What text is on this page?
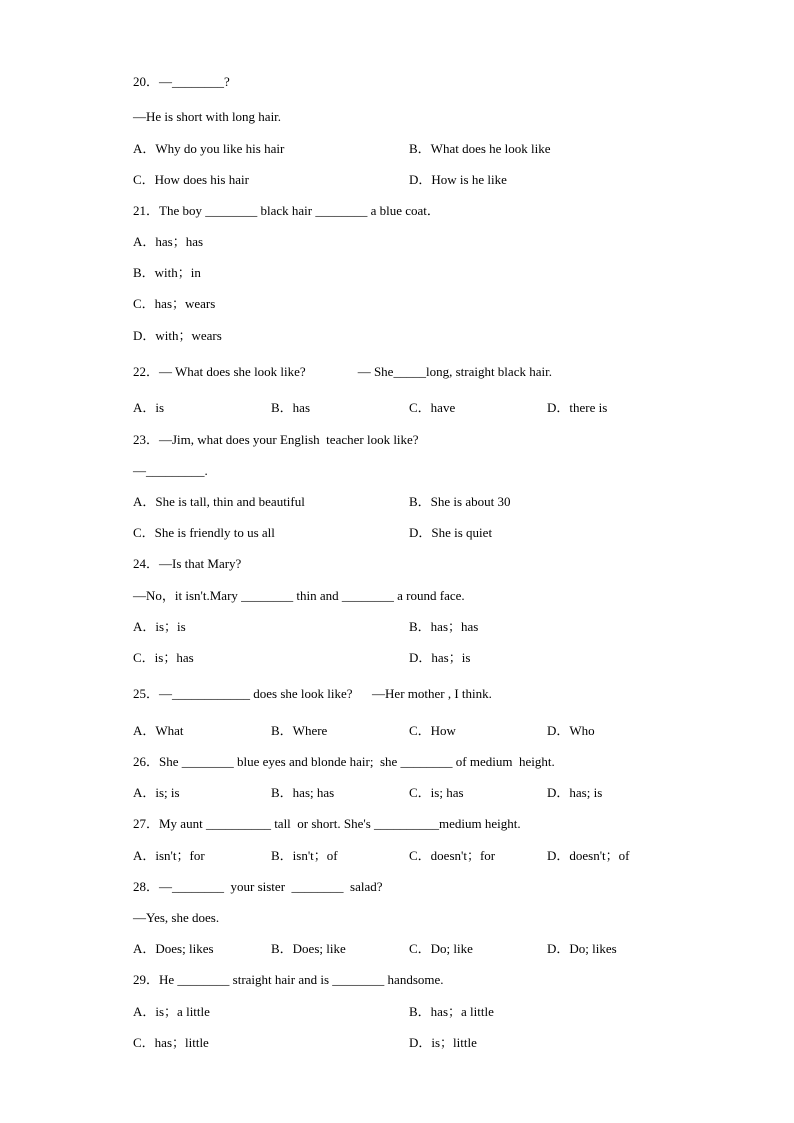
20．—________?
—He is short with long hair.
A．Why do you like his hair	B．What does he look like
C．How does his hair	D．How is he like
21．The boy ________ black hair ________ a blue coat．
A．has；has
B．with；in
C．has；wears
D．with；wears
22．— What does she look like?                — She_____long, straight black hair.
A．is	B．has	C．have	D．there is
23．—Jim, what does your English  teacher look like?
—_________.
A．She is tall, thin and beautiful	B．She is about 30
C．She is friendly to us all	D．She is quiet
24．—Is that Mary?
—No，it isn't.Mary ________ thin and ________ a round face.
A．is；is	B．has；has
C．is；has	D．has；is
25．—____________ does she look like?      —Her mother , I think.
A．What	B．Where	C．How	D．Who
26．She ________ blue eyes and blonde hair;  she ________ of medium  height.
A．is; is	B．has; has	C．is; has	D．has; is
27．My aunt __________ tall  or short. She's __________medium height.
A．isn't；for	B．isn't；of	C．doesn't；for	D．doesn't；of
28．—________  your sister  ________  salad?
—Yes, she does.
A．Does; likes	B．Does; like	C．Do; like	D．Do; likes
29．He ________ straight hair and is ________ handsome.
A．is；a little	B．has；a little
C．has；little	D．is；little
